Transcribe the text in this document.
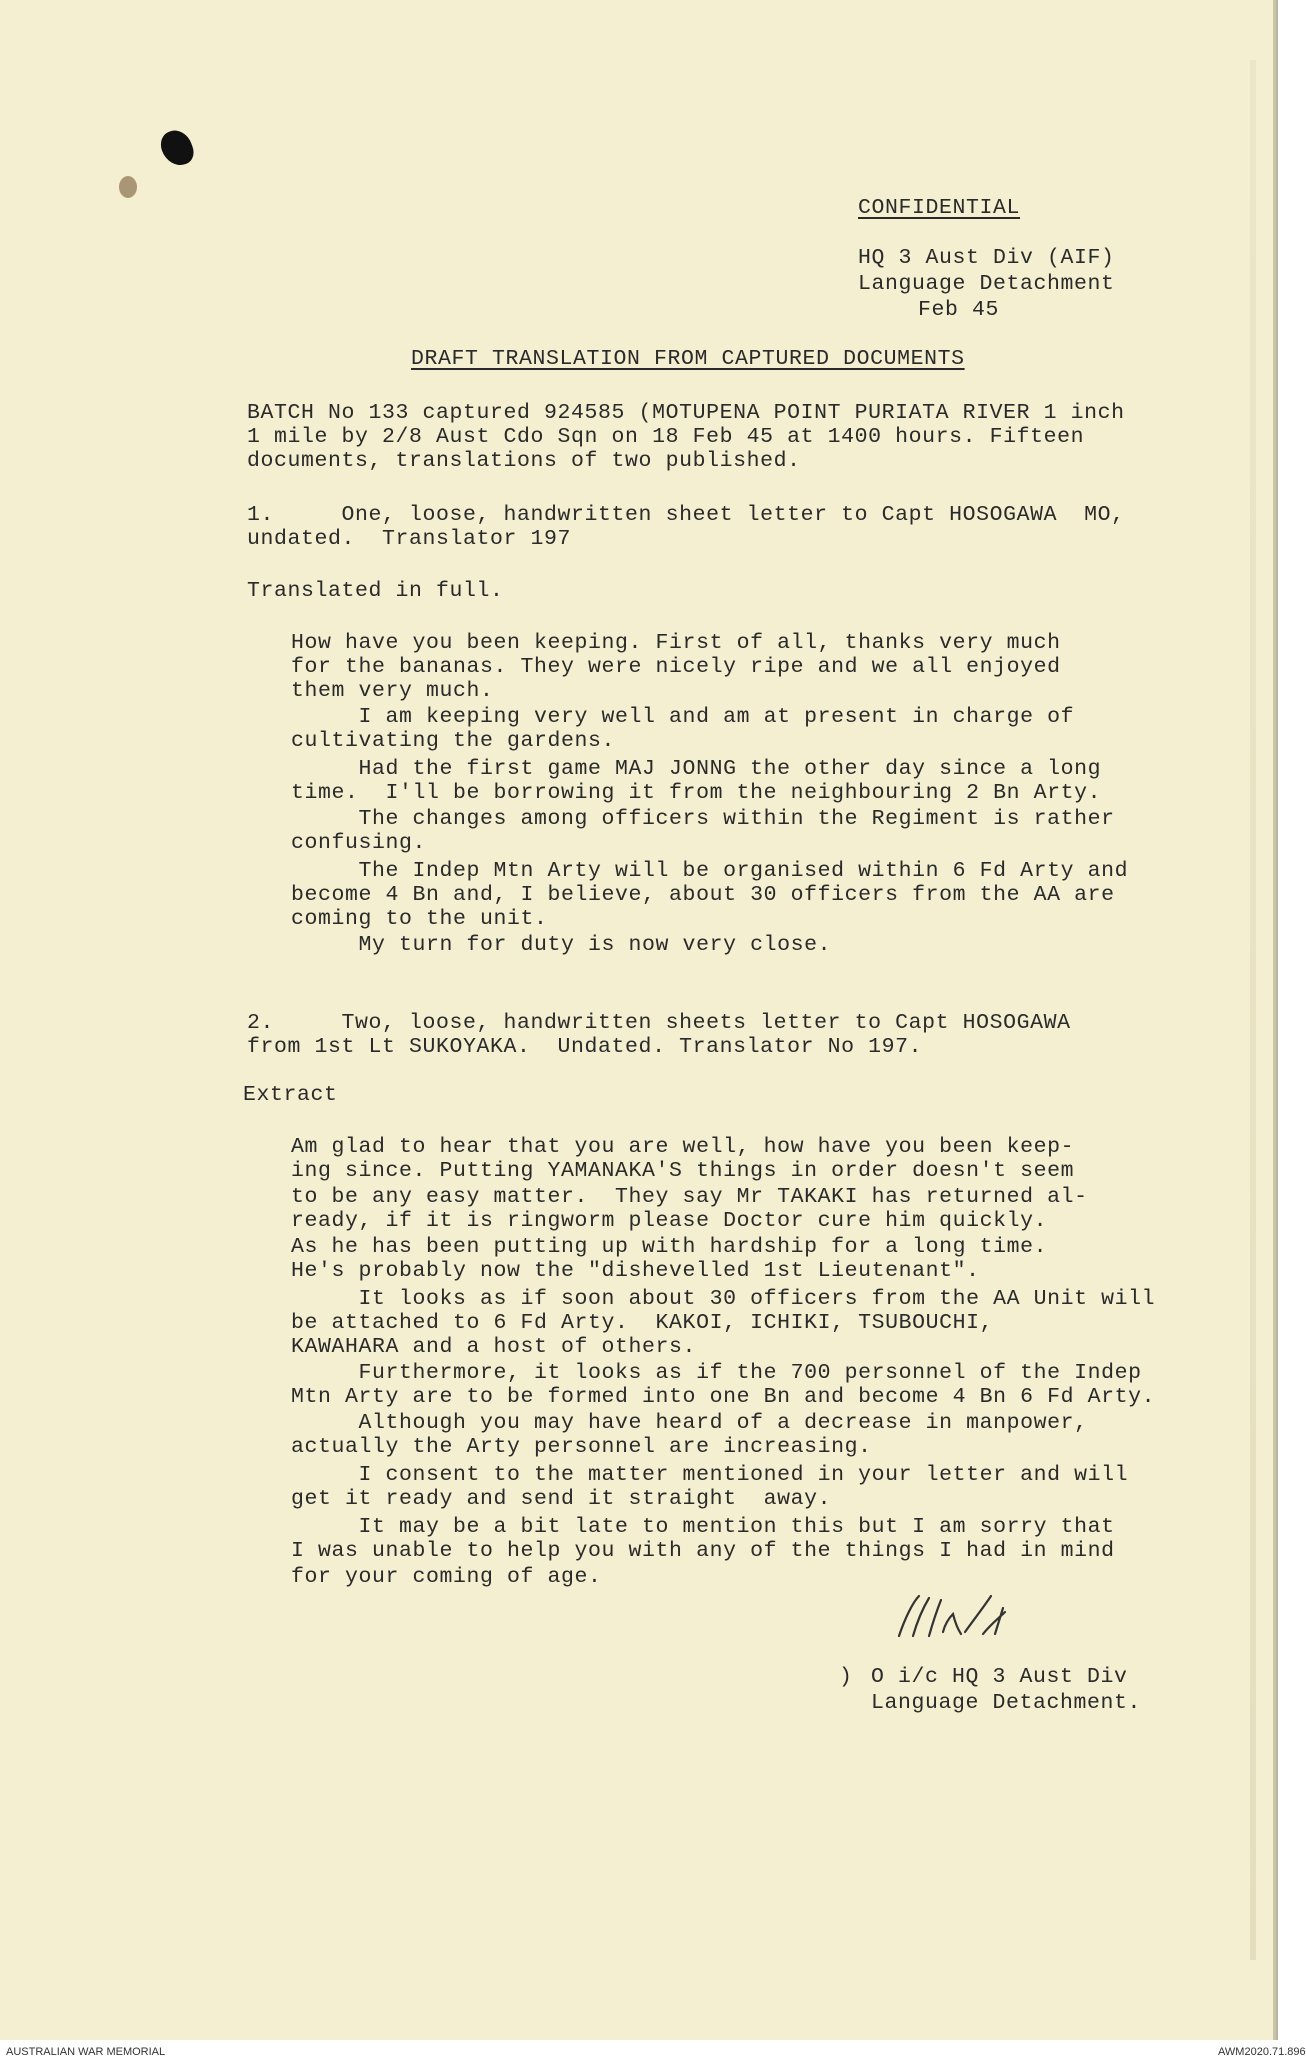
CONFIDENTIAL
HQ 3 Aust Div (AIF)
Language Detachment
Feb 45
DRAFT TRANSLATION FROM CAPTURED DOCUMENTS
BATCH No 133 captured 924585 (MOTUPENA POINT PURIATA RIVER 1 inch
1 mile by 2/8 Aust Cdo Sqn on 18 Feb 45 at 1400 hours. Fifteen
documents, translations of two published.
1.     One, loose, handwritten sheet letter to Capt HOSOGAWA  MO,
undated.  Translator 197
Translated in full.
How have you been keeping. First of all, thanks very much
for the bananas. They were nicely ripe and we all enjoyed
them very much.
I am keeping very well and am at present in charge of
cultivating the gardens.
Had the first game MAJ JONNG the other day since a long
time.  I'll be borrowing it from the neighbouring 2 Bn Arty.
The changes among officers within the Regiment is rather
confusing.
The Indep Mtn Arty will be organised within 6 Fd Arty and
become 4 Bn and, I believe, about 30 officers from the AA are
coming to the unit.
My turn for duty is now very close.
2.     Two, loose, handwritten sheets letter to Capt HOSOGAWA
from 1st Lt SUKOYAKA.  Undated. Translator No 197.
Extract
Am glad to hear that you are well, how have you been keep-
ing since. Putting YAMANAKA'S things in order doesn't seem
to be any easy matter.  They say Mr TAKAKI has returned al-
ready, if it is ringworm please Doctor cure him quickly.
As he has been putting up with hardship for a long time.
He's probably now the "dishevelled 1st Lieutenant".
It looks as if soon about 30 officers from the AA Unit will
be attached to 6 Fd Arty.  KAKOI, ICHIKI, TSUBOUCHI,
KAWAHARA and a host of others.
Furthermore, it looks as if the 700 personnel of the Indep
Mtn Arty are to be formed into one Bn and become 4 Bn 6 Fd Arty.
Although you may have heard of a decrease in manpower,
actually the Arty personnel are increasing.
I consent to the matter mentioned in your letter and will
get it ready and send it straight  away.
It may be a bit late to mention this but I am sorry that
I was unable to help you with any of the things I had in mind
for your coming of age.
) O i/c HQ 3 Aust Div
Language Detachment.
AUSTRALIAN WAR MEMORIAL	AWM2020.71.896
